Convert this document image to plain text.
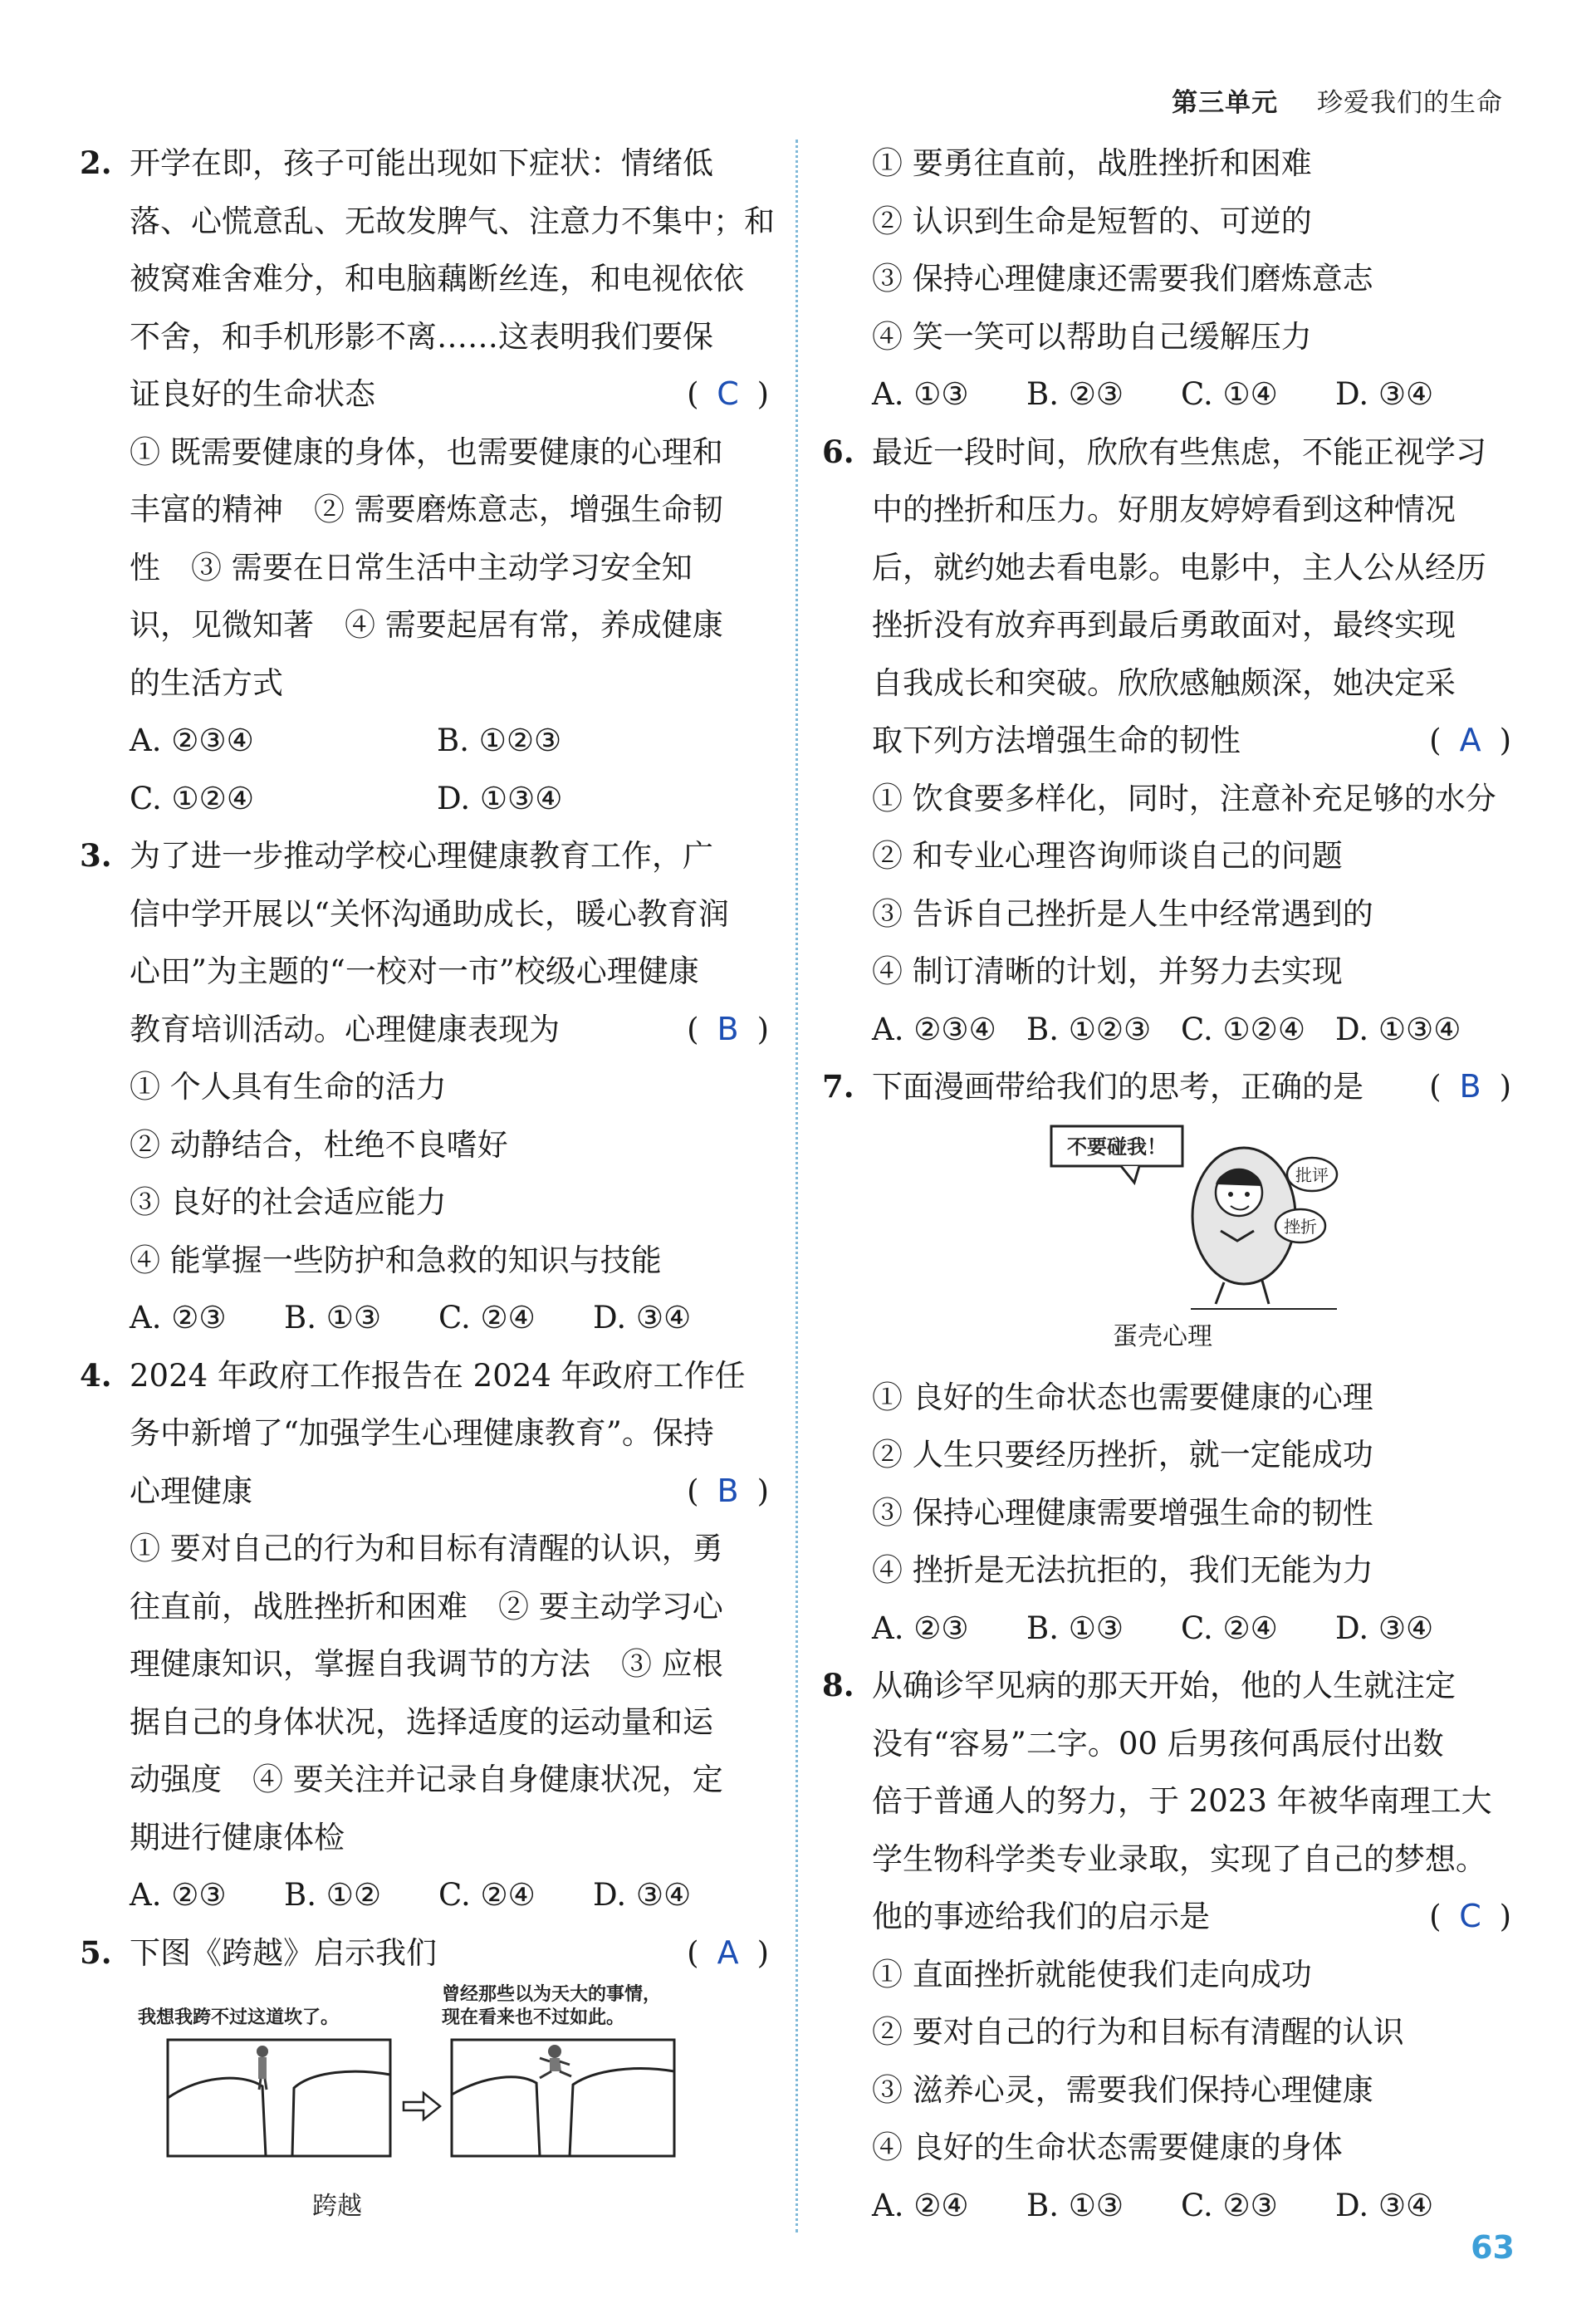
第三单元 珍爱我们的生命
2. 开学在即，孩子可能出现如下症状：情绪低
落、心慌意乱、无故发脾气、注意力不集中；和
被窝难舍难分，和电脑藕断丝连，和电视依依
不舍，和手机形影不离……这表明我们要保
证良好的生命状态	( C )
① 既需要健康的身体，也需要健康的心理和
丰富的精神　② 需要磨炼意志，增强生命韧
性　③ 需要在日常生活中主动学习安全知
识，见微知著　④ 需要起居有常，养成健康
的生活方式
A. ②③④	B. ①②③
C. ①②④	D. ①③④
3. 为了进一步推动学校心理健康教育工作，广
信中学开展以“关怀沟通助成长，暖心教育润
心田”为主题的“一校对一市”校级心理健康
教育培训活动。心理健康表现为	( B )
① 个人具有生命的活力
② 动静结合，杜绝不良嗜好
③ 良好的社会适应能力
④ 能掌握一些防护和急救的知识与技能
A. ②③ B. ①③ C. ②④ D. ③④
4. 2024 年政府工作报告在 2024 年政府工作任
务中新增了“加强学生心理健康教育”。保持
心理健康	( B )
① 要对自己的行为和目标有清醒的认识，勇
往直前，战胜挫折和困难　② 要主动学习心
理健康知识，掌握自我调节的方法　③ 应根
据自己的身体状况，选择适度的运动量和运
动强度　④ 要关注并记录自身健康状况，定
期进行健康体检
A. ②③ B. ①② C. ②④ D. ③④
5. 下图《跨越》启示我们	( A )
我想我跨不过这道坎了。
曾经那些以为天大的事情，
现在看来也不过如此。
跨越
① 要勇往直前，战胜挫折和困难
② 认识到生命是短暂的、可逆的
③ 保持心理健康还需要我们磨炼意志
④ 笑一笑可以帮助自己缓解压力
A. ①③ B. ②③ C. ①④ D. ③④
6. 最近一段时间，欣欣有些焦虑，不能正视学习
中的挫折和压力。好朋友婷婷看到这种情况
后，就约她去看电影。电影中，主人公从经历
挫折没有放弃再到最后勇敢面对，最终实现
自我成长和突破。欣欣感触颇深，她决定采
取下列方法增强生命的韧性	( A )
① 饮食要多样化，同时，注意补充足够的水分
② 和专业心理咨询师谈自己的问题
③ 告诉自己挫折是人生中经常遇到的
④ 制订清晰的计划，并努力去实现
A. ②③④ B. ①②③ C. ①②④ D. ①③④
7. 下面漫画带给我们的思考，正确的是 ( B )
不要碰我！
批评
挫折
蛋壳心理
① 良好的生命状态也需要健康的心理
② 人生只要经历挫折，就一定能成功
③ 保持心理健康需要增强生命的韧性
④ 挫折是无法抗拒的，我们无能为力
A. ②③ B. ①③ C. ②④ D. ③④
8. 从确诊罕见病的那天开始，他的人生就注定
没有“容易”二字。00 后男孩何禹辰付出数
倍于普通人的努力，于 2023 年被华南理工大
学生物科学类专业录取，实现了自己的梦想。
他的事迹给我们的启示是	( C )
① 直面挫折就能使我们走向成功
② 要对自己的行为和目标有清醒的认识
③ 滋养心灵，需要我们保持心理健康
④ 良好的生命状态需要健康的身体
A. ②④ B. ①③ C. ②③ D. ③④
63
